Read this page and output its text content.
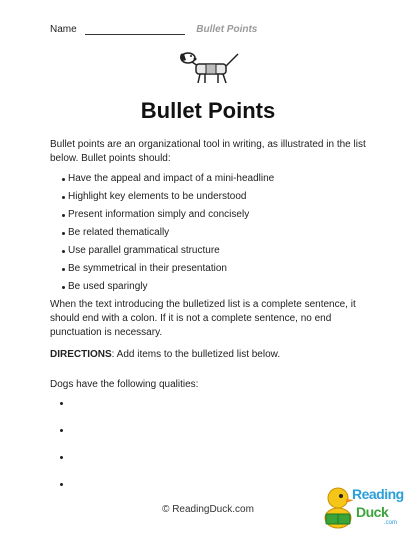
Name	Bullet Points
Bullet Points
Bullet points are an organizational tool in writing, as illustrated in the list below. Bullet points should:
Have the appeal and impact of a mini-headline
Highlight key elements to be understood
Present information simply and concisely
Be related thematically
Use parallel grammatical structure
Be symmetrical in their presentation
Be used sparingly
When the text introducing the bulletized list is a complete sentence, it should end with a colon. If it is not a complete sentence, no end punctuation is necessary.
DIRECTIONS: Add items to the bulletized list below.
Dogs have the following qualities:
© ReadingDuck.com
Reading
Duck
.com
